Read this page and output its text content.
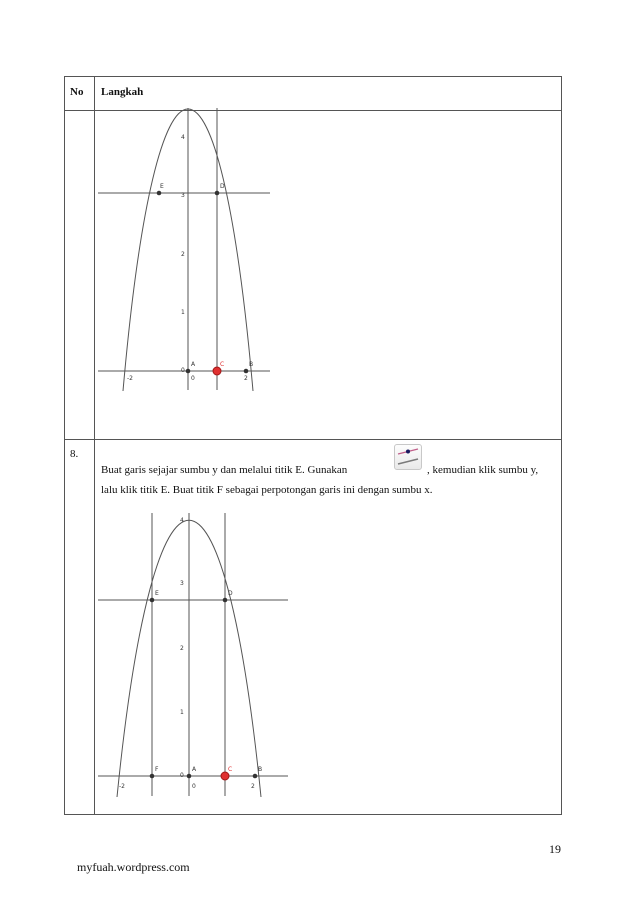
No Langkah
8.
Buat garis sejajar sumbu y dan melalui titik E. Gunakan	, kemudian klik sumbu y,
lalu klik titik E. Buat titik F sebagai perpotongan garis ini dengan sumbu x.
E	D
A	C	B
4
3
2
1
0
-2	0	2
E	D
F	A	C	B
4
3
2
1
0
-2	0	2
19
myfuah.wordpress.com
